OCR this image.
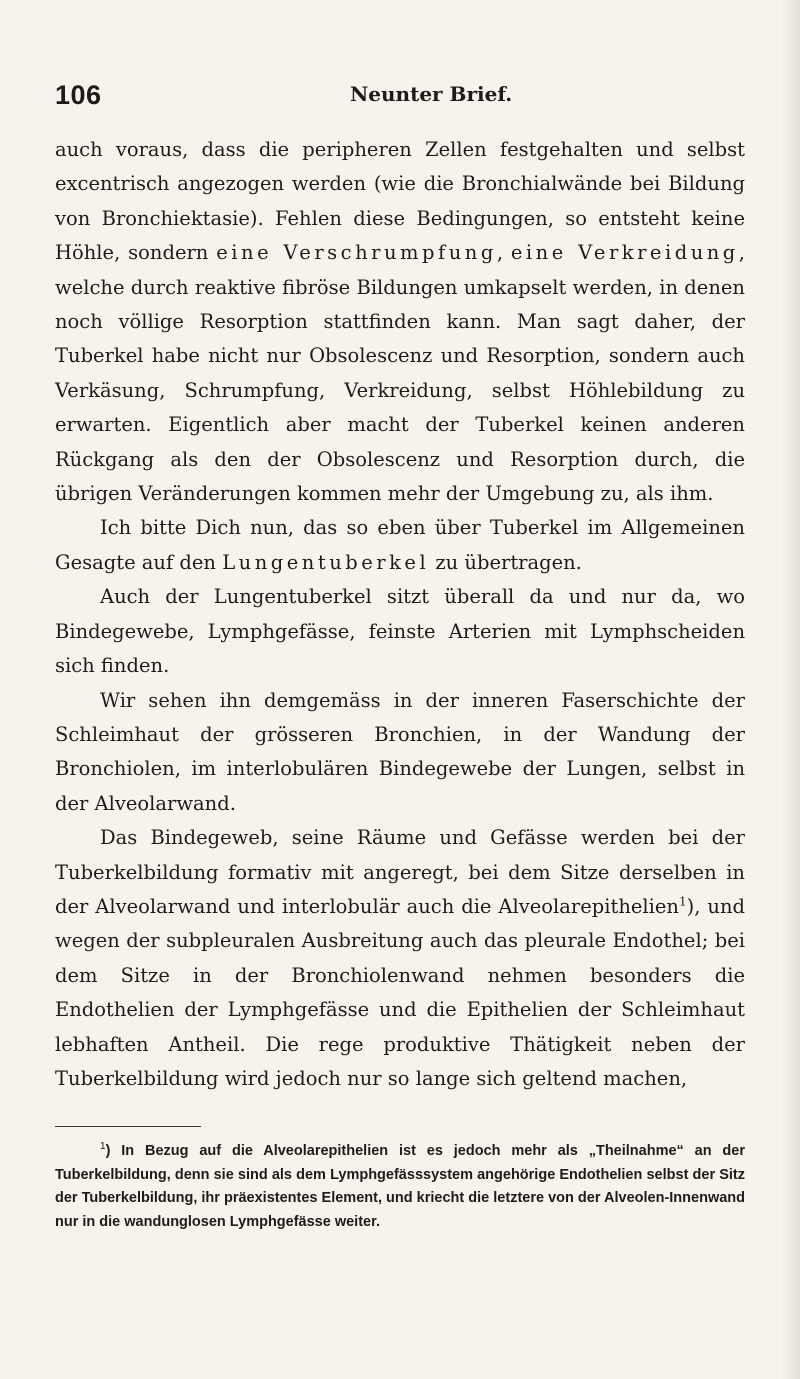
106	Neunter Brief.

auch voraus, dass die peripheren Zellen festgehalten und selbst excentrisch angezogen werden (wie die Bronchialwände bei Bildung von Bronchiektasie). Fehlen diese Bedingungen, so entsteht keine Höhle, sondern eine Verschrumpfung, eine Verkreidung, welche durch reaktive fibröse Bildungen umkapselt werden, in denen noch völlige Resorption stattfinden kann. Man sagt daher, der Tuberkel habe nicht nur Obsolescenz und Resorption, sondern auch Verkäsung, Schrumpfung, Verkreidung, selbst Höhlebildung zu erwarten. Eigentlich aber macht der Tuberkel keinen anderen Rückgang als den der Obsolescenz und Resorption durch, die übrigen Veränderungen kommen mehr der Umgebung zu, als ihm.

Ich bitte Dich nun, das so eben über Tuberkel im Allgemeinen Gesagte auf den Lungentuberkel zu übertragen.

Auch der Lungentuberkel sitzt überall da und nur da, wo Bindegewebe, Lymphgefässe, feinste Arterien mit Lymphscheiden sich finden.

Wir sehen ihn demgemäss in der inneren Faserschichte der Schleimhaut der grösseren Bronchien, in der Wandung der Bronchiolen, im interlobulären Bindegewebe der Lungen, selbst in der Alveolarwand.

Das Bindegeweb, seine Räume und Gefässe werden bei der Tuberkelbildung formativ mit angeregt, bei dem Sitze derselben in der Alveolarwand und interlobulär auch die Alveolarepithelien$^1$), und wegen der subpleuralen Ausbreitung auch das pleurale Endothel; bei dem Sitze in der Bronchiolenwand nehmen besonders die Endothelien der Lymphgefässe und die Epithelien der Schleimhaut lebhaften Antheil. Die rege produktive Thätigkeit neben der Tuberkelbildung wird jedoch nur so lange sich geltend machen,

$^1$) In Bezug auf die Alveolarepithelien ist es jedoch mehr als „Theilnahme“ an der Tuberkelbildung, denn sie sind als dem Lymphgefässsystem angehörige Endothelien selbst der Sitz der Tuberkelbildung, ihr präexistentes Element, und kriecht die letztere von der Alveolen-Innenwand nur in die wandunglosen Lymphgefässe weiter.
